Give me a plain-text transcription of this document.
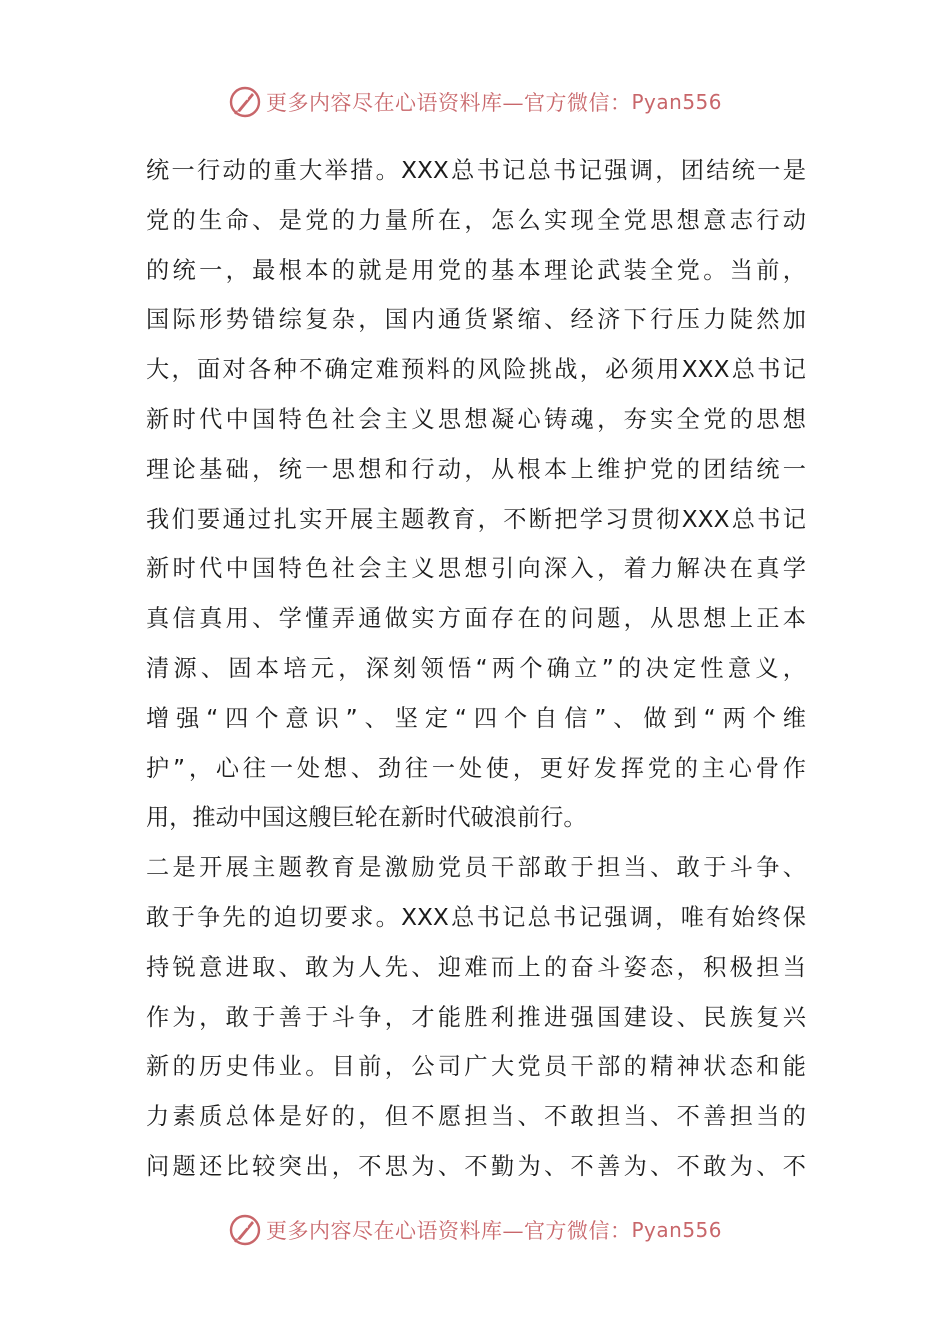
更多内容尽在心语资料库—官方微信： Pyan556
统一行动的重大举措。XXX总书记总书记强调，团结统一是
党的生命、是党的力量所在，怎么实现全党思想意志行动
的统一，最根本的就是用党的基本理论武装全党。当前，
国际形势错综复杂，国内通货紧缩、经济下行压力陡然加
大，面对各种不确定难预料的风险挑战，必须用XXX总书记
新时代中国特色社会主义思想凝心铸魂，夯实全党的思想
理论基础，统一思想和行动，从根本上维护党的团结统一
我们要通过扎实开展主题教育，不断把学习贯彻XXX总书记
新时代中国特色社会主义思想引向深入，着力解决在真学
真信真用、学懂弄通做实方面存在的问题，从思想上正本
清源、固本培元，深刻领悟“两个确立”的决定性意义，
增强“四个意识”、坚定“四个自信”、做到“两个维
护”，心往一处想、劲往一处使，更好发挥党的主心骨作
用，推动中国这艘巨轮在新时代破浪前行。
二是开展主题教育是激励党员干部敢于担当、敢于斗争、
敢于争先的迫切要求。XXX总书记总书记强调，唯有始终保
持锐意进取、敢为人先、迎难而上的奋斗姿态，积极担当
作为，敢于善于斗争，才能胜利推进强国建设、民族复兴
新的历史伟业。目前，公司广大党员干部的精神状态和能
力素质总体是好的，但不愿担当、不敢担当、不善担当的
问题还比较突出，不思为、不勤为、不善为、不敢为、不
更多内容尽在心语资料库—官方微信： Pyan556
